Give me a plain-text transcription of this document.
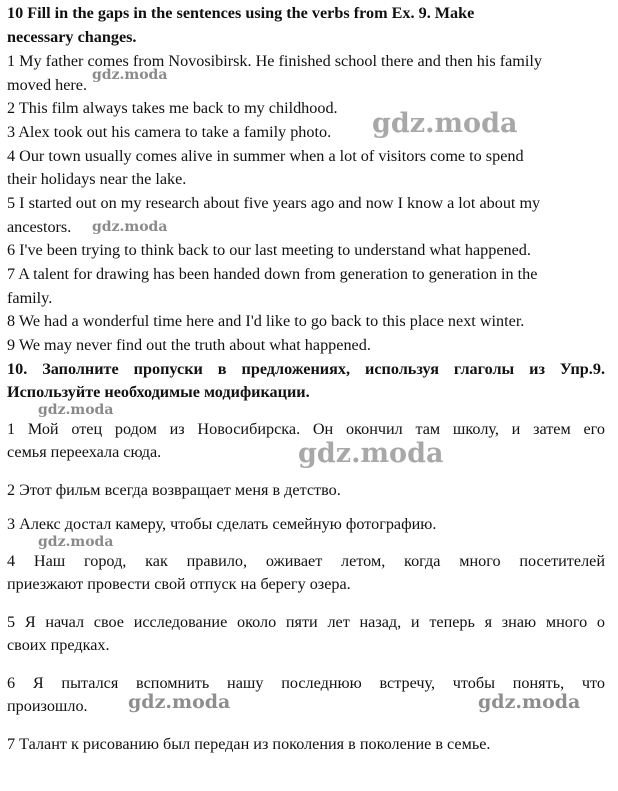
10 Fill in the gaps in the sentences using the verbs from Ex. 9. Make
necessary changes.
1 My father comes from Novosibirsk. He finished school there and then his family
moved here.
2 This film always takes me back to my childhood.
3 Alex took out his camera to take a family photo.
4 Our town usually comes alive in summer when a lot of visitors come to spend
their holidays near the lake.
5 I started out on my research about five years ago and now I know a lot about my
ancestors.
6 I've been trying to think back to our last meeting to understand what happened.
7 A talent for drawing has been handed down from generation to generation in the
family.
8 We had a wonderful time here and I'd like to go back to this place next winter.
9 We may never find out the truth about what happened.
10. Заполните пропуски в предложениях, используя глаголы из Упр.9.
Используйте необходимые модификации.
1 Мой отец родом из Новосибирска. Он окончил там школу, и затем его
семья переехала сюда.
2 Этот фильм всегда возвращает меня в детство.
3 Алекс достал камеру, чтобы сделать семейную фотографию.
4 Наш город, как правило, оживает летом, когда много посетителей
приезжают провести свой отпуск на берегу озера.
5 Я начал свое исследование около пяти лет назад, и теперь я знаю много о
своих предках.
6 Я пытался вспомнить нашу последнюю встречу, чтобы понять, что
произошло.
7 Талант к рисованию был передан из поколения в поколение в семье.
gdz.moda
gdz.moda
gdz.moda
gdz.moda
gdz.moda
gdz.moda
gdz.moda	gdz.moda
